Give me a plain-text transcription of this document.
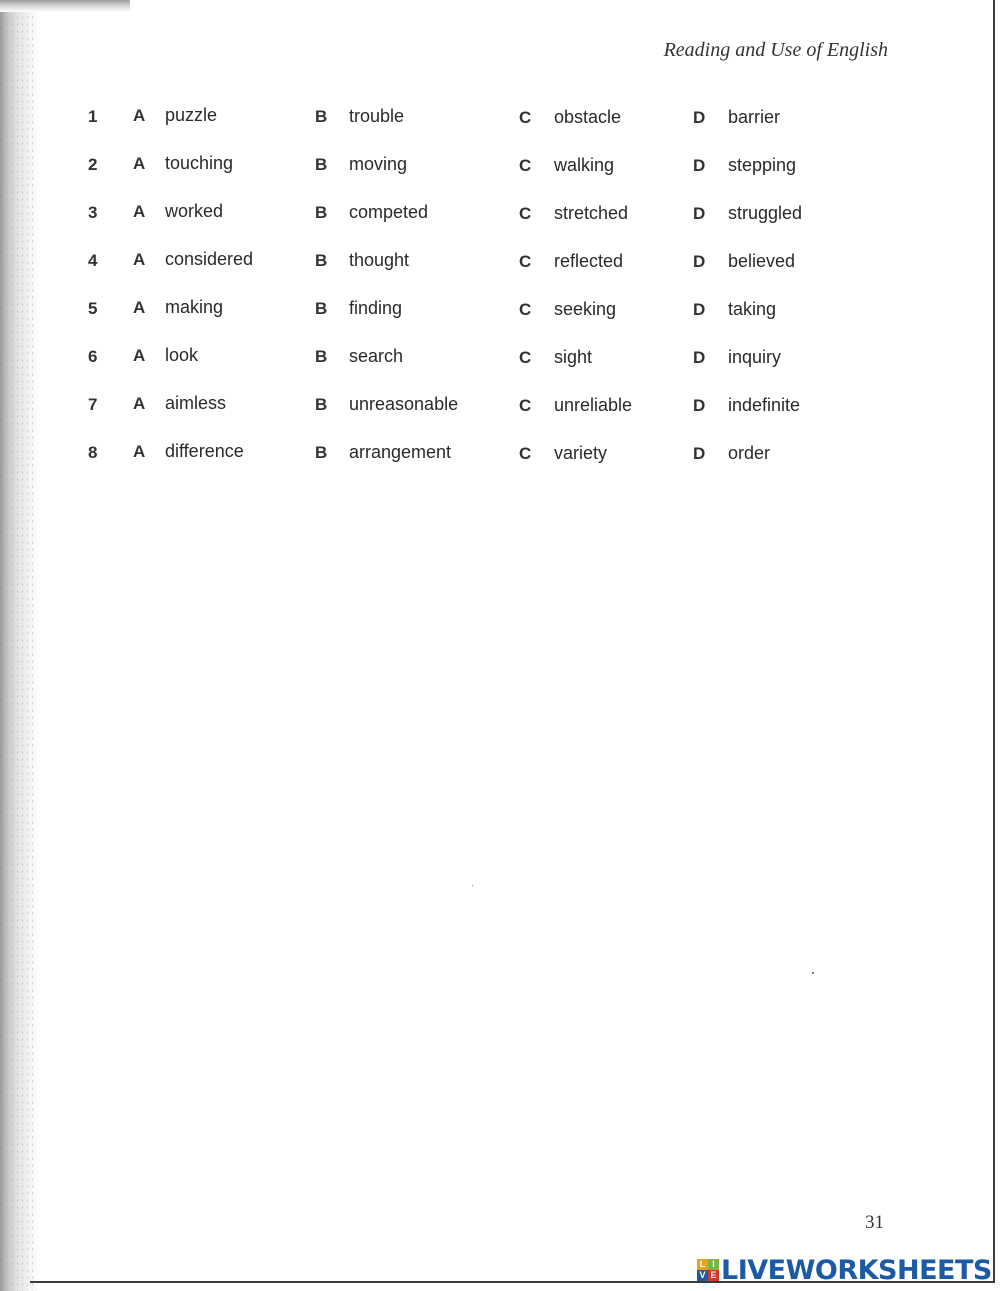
Reading and Use of English
1	A puzzle	B trouble	C obstacle	D barrier
2	A touching	B moving	C walking	D stepping
3	A worked	B competed	C stretched	D struggled
4	A considered	B thought	C reflected	D believed
5	A making	B finding	C seeking	D taking
6	A look	B search	C sight	D inquiry
7	A aimless	B unreasonable	C unreliable	D indefinite
8	A difference	B arrangement	C variety	D order
31
L I
V E LIVEWORKSHEETS
